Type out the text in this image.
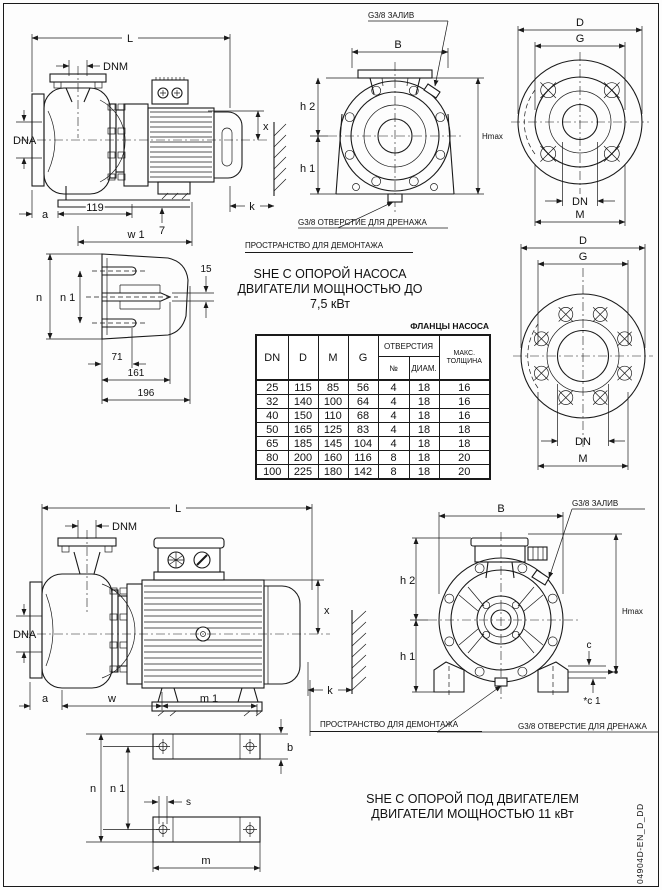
L
DNM
DNA
x
k
a
119
7
w 1
G3/8 ЗАЛИВ
B
h 2
h 1
Hmax
G3/8 ОТВЕРСТИЕ ДЛЯ ДРЕНАЖА
D
G
DN
M
n n 1
15
71
161
196
SHE С ОПОРОЙ НАСОСА
ДВИГАТЕЛИ МОЩНОСТЬЮ ДО
7,5 кВт
ПРОСТРАНСТВО ДЛЯ ДЕМОНТАЖА
ФЛАНЦЫ НАСОСА
DN	D	M	G	ОТВЕРСТИЯ		МАКС. ТОЛЩИНА
				№	ДИАМ.	
25	115	85	56	4	18	16
32	140	100	64	4	18	16
40	150	110	68	4	18	16
50	165	125	83	4	18	18
65	185	145	104	4	18	18
80	200	160	116	8	18	20
100	225	180	142	8	18	20
D
G
DN
M
L
DNM
DNA
x
k
a	w	m 1
ПРОСТРАНСТВО ДЛЯ ДЕМОНТАЖА
G3/8 ЗАЛИВ
B
h 2
h 1
Hmax
c
*c 1
G3/8 ОТВЕРСТИЕ ДЛЯ ДРЕНАЖА
n n 1
b
s
m
SHE С ОПОРОЙ ПОД ДВИГАТЕЛЕМ
ДВИГАТЕЛИ МОЩНОСТЬЮ 11 кВт	04904D-EN_D_DD
